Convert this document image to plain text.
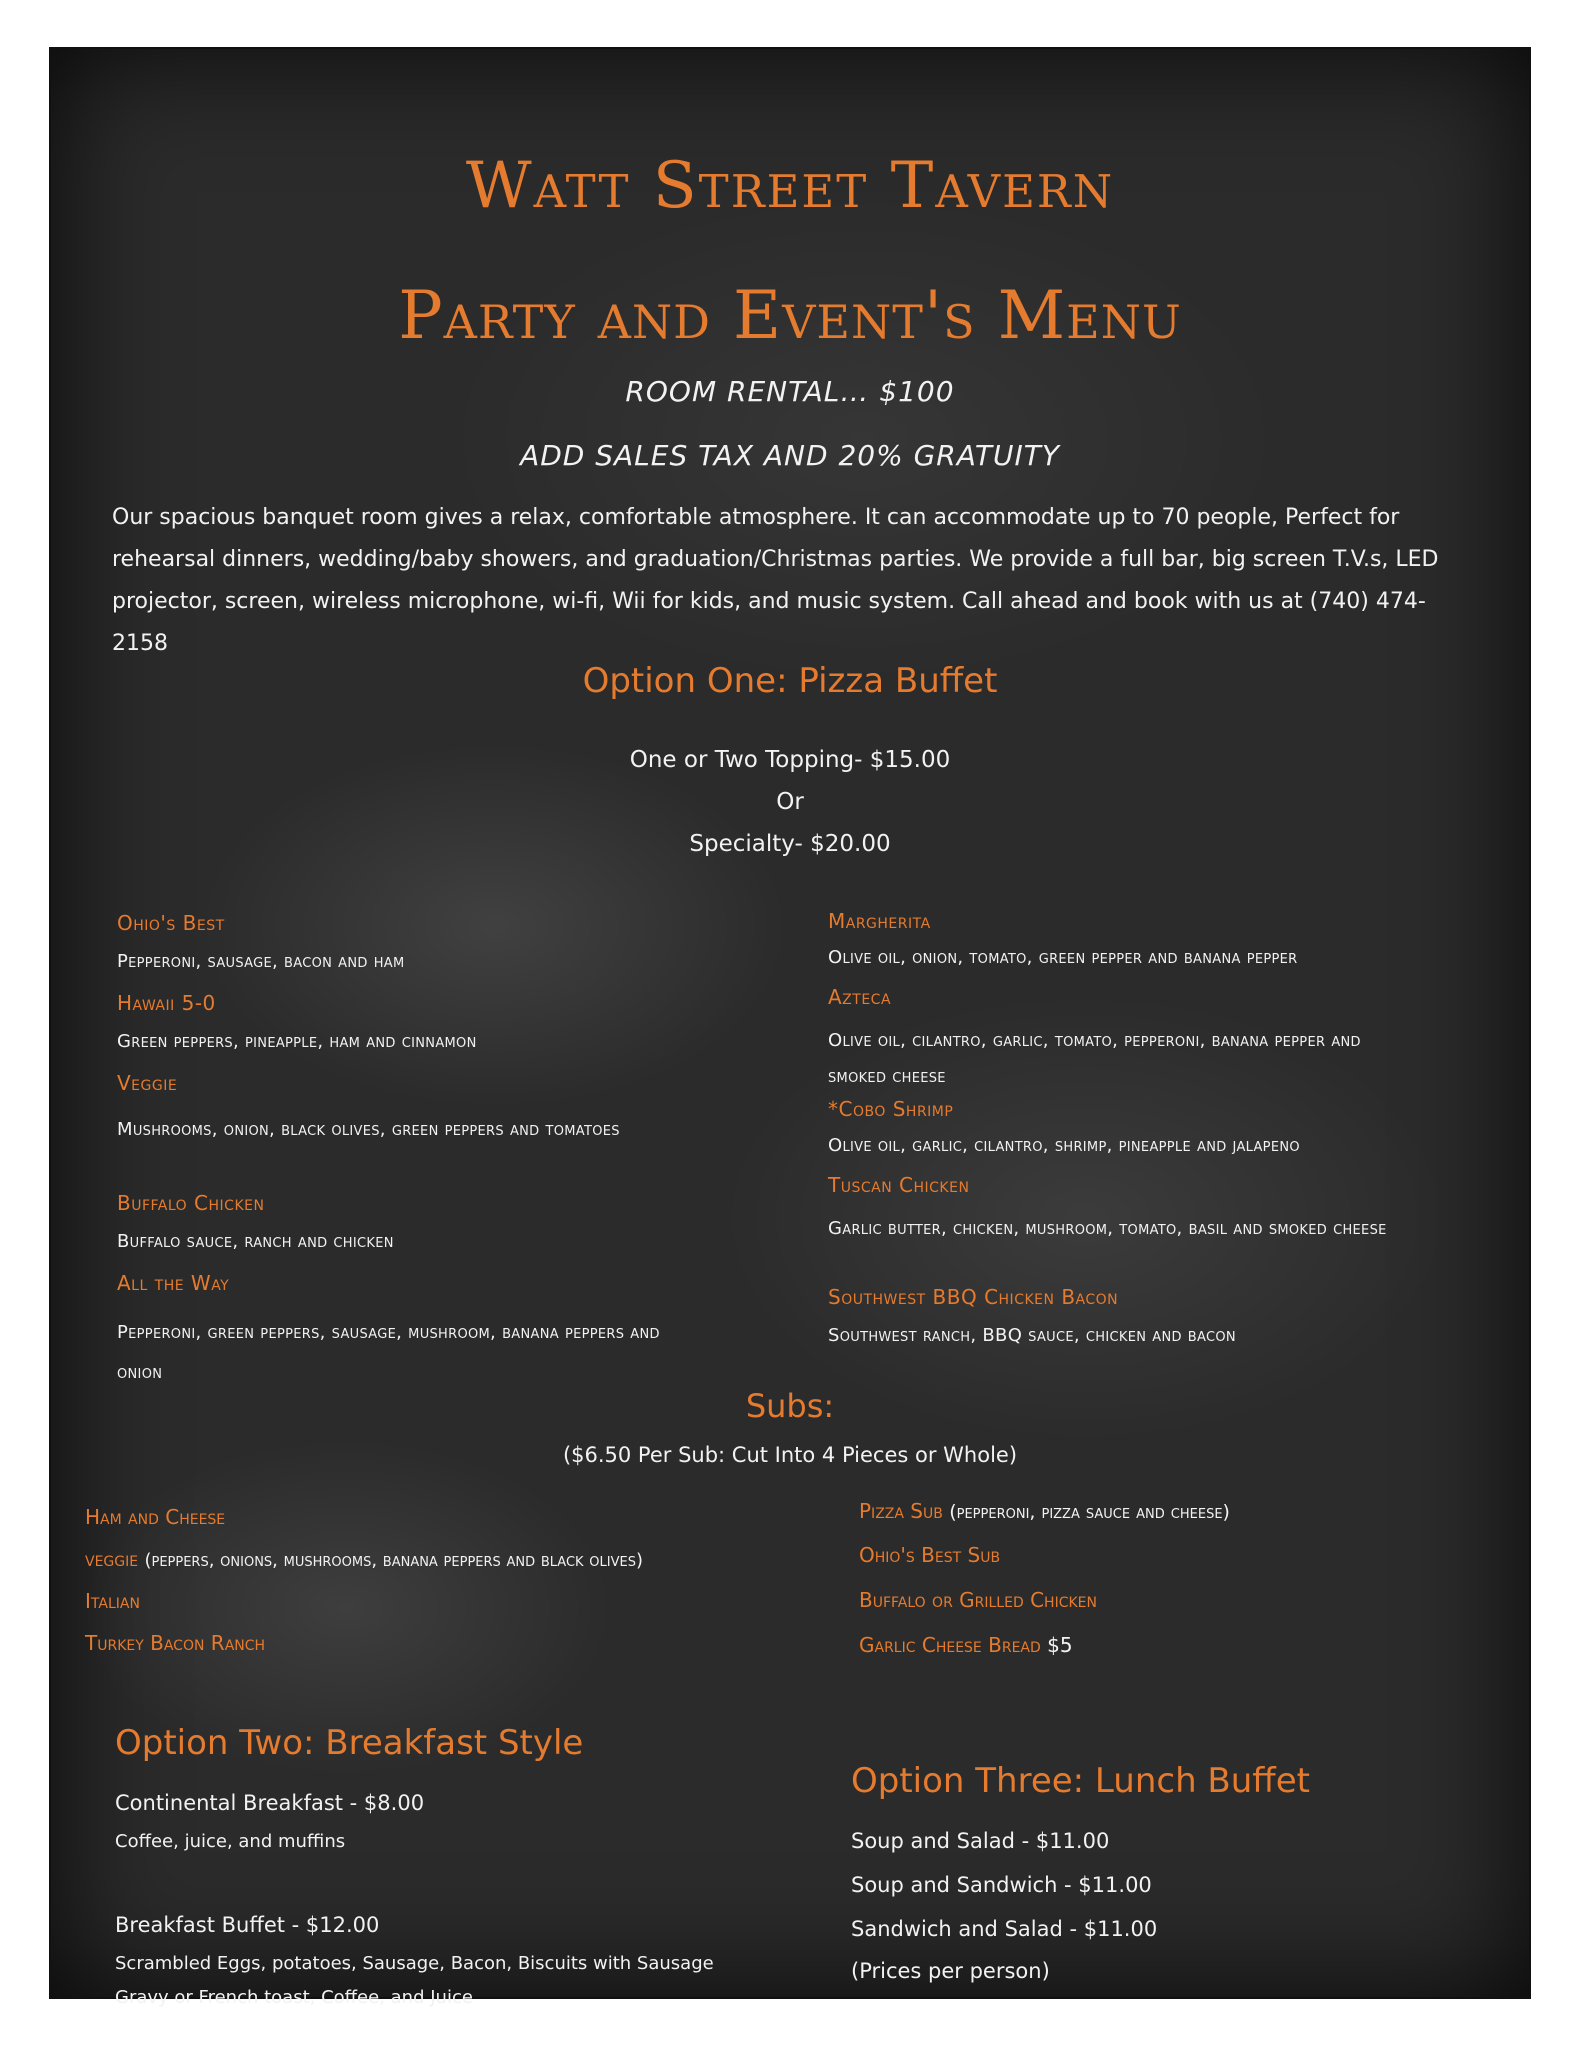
Watt Street Tavern
Party and Event's Menu
ROOM RENTAL… $100
ADD SALES TAX AND 20% GRATUITY
Our spacious banquet room gives a relax, comfortable atmosphere. It can accommodate up to 70 people, Perfect for rehearsal dinners, wedding/baby showers, and graduation/Christmas parties. We provide a full bar, big screen T.V.s, LED projector, screen, wireless microphone, wi-fi, Wii for kids, and music system. Call ahead and book with us at (740) 474-2158
Option One: Pizza Buffet
One or Two Topping- $15.00
Or
Specialty- $20.00
Ohio's Best
Pepperoni, sausage, bacon and ham
Hawaii 5-0
Green peppers, pineapple, ham and cinnamon
Veggie
Mushrooms, onion, black olives, green peppers and tomatoes
Buffalo Chicken
Buffalo sauce, ranch and chicken
All the Way
Pepperoni, green peppers, sausage, mushroom, banana peppers and onion
Margherita
Olive oil, onion, tomato, green pepper and banana pepper
Azteca
Olive oil, cilantro, garlic, tomato, pepperoni, banana pepper and smoked cheese
*Cobo Shrimp
Olive oil, garlic, cilantro, shrimp, pineapple and jalapeno
Tuscan Chicken
Garlic butter, chicken, mushroom, tomato, basil and smoked cheese
Southwest BBQ Chicken Bacon
Southwest ranch, BBQ sauce, chicken and bacon
Subs:
($6.50 Per Sub: Cut Into 4 Pieces or Whole)
Ham and Cheese
veggie (peppers, onions, mushrooms, banana peppers and black olives)
Italian
Turkey Bacon Ranch
Pizza Sub (pepperoni, pizza sauce and cheese)
Ohio's Best Sub
Buffalo or Grilled Chicken
Garlic Cheese Bread $5
Option Two: Breakfast Style
Continental Breakfast - $8.00
Coffee, juice, and muffins
Breakfast Buffet - $12.00
Scrambled Eggs, potatoes, Sausage, Bacon, Biscuits with Sausage
Gravy or French toast, Coffee, and Juice
Option Three: Lunch Buffet
Soup and Salad - $11.00
Soup and Sandwich - $11.00
Sandwich and Salad - $11.00
(Prices per person)
